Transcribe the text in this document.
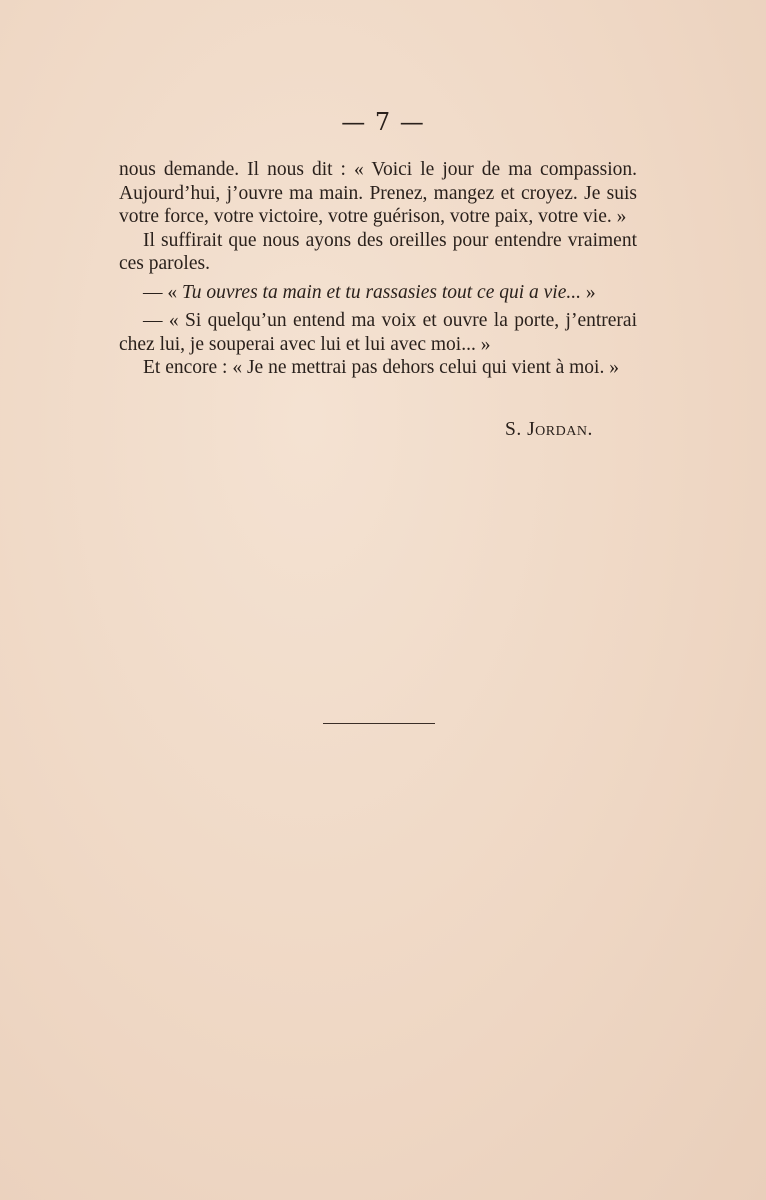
— 7 —

nous demande. Il nous dit : « Voici le jour de ma compassion. Aujourd’hui, j’ouvre ma main. Prenez, mangez et croyez. Je suis votre force, votre victoire, votre guérison, votre paix, votre vie. »

Il suffirait que nous ayons des oreilles pour entendre vraiment ces paroles.

— « Tu ouvres ta main et tu rassasies tout ce qui a vie... »

— « Si quelqu’un entend ma voix et ouvre la porte, j’entrerai chez lui, je souperai avec lui et lui avec moi... »

Et encore : « Je ne mettrai pas dehors celui qui vient à moi. »

S. Jordan.
